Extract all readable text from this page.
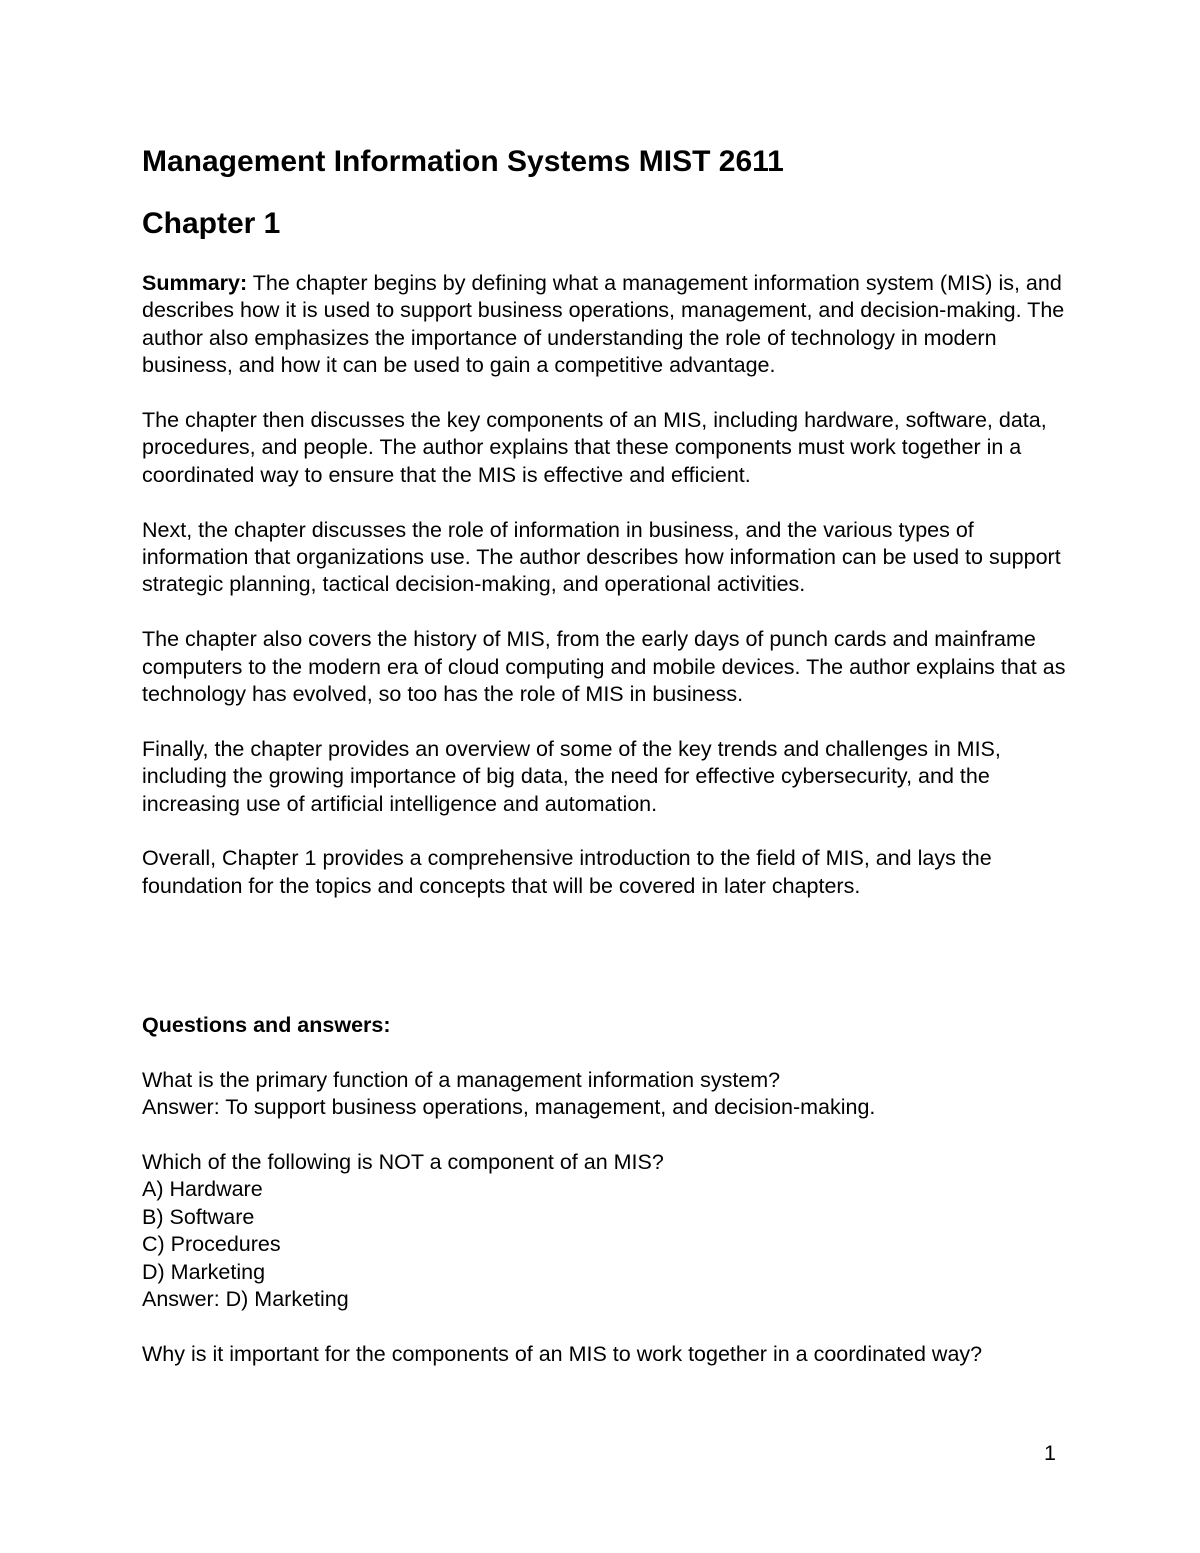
Management Information Systems MIST 2611
Chapter 1

Summary: The chapter begins by defining what a management information system (MIS) is, and describes how it is used to support business operations, management, and decision-making. The author also emphasizes the importance of understanding the role of technology in modern business, and how it can be used to gain a competitive advantage.

The chapter then discusses the key components of an MIS, including hardware, software, data, procedures, and people. The author explains that these components must work together in a coordinated way to ensure that the MIS is effective and efficient.

Next, the chapter discusses the role of information in business, and the various types of information that organizations use. The author describes how information can be used to support strategic planning, tactical decision-making, and operational activities.

The chapter also covers the history of MIS, from the early days of punch cards and mainframe computers to the modern era of cloud computing and mobile devices. The author explains that as technology has evolved, so too has the role of MIS in business.

Finally, the chapter provides an overview of some of the key trends and challenges in MIS, including the growing importance of big data, the need for effective cybersecurity, and the increasing use of artificial intelligence and automation.

Overall, Chapter 1 provides a comprehensive introduction to the field of MIS, and lays the foundation for the topics and concepts that will be covered in later chapters.

Questions and answers:
What is the primary function of a management information system?
Answer: To support business operations, management, and decision-making.
Which of the following is NOT a component of an MIS?
A) Hardware
B) Software
C) Procedures
D) Marketing
Answer: D) Marketing
Why is it important for the components of an MIS to work together in a coordinated way?
1
